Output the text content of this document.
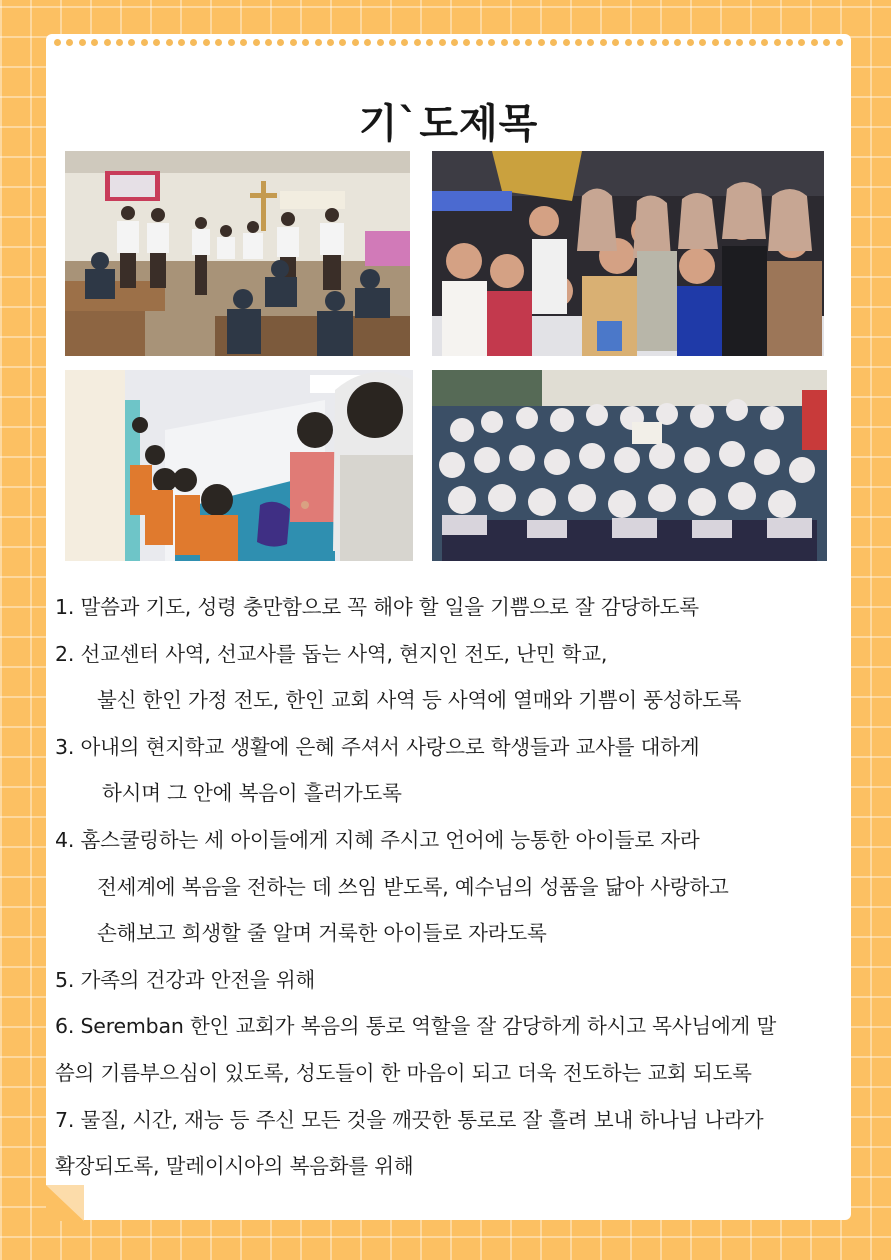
기`도제목
1. 말씀과 기도, 성령 충만함으로 꼭 해야 할 일을 기쁨으로 잘 감당하도록
2. 선교센터 사역, 선교사를 돕는 사역, 현지인 전도, 난민 학교,
불신 한인 가정 전도, 한인 교회 사역 등 사역에 열매와 기쁨이 풍성하도록
3. 아내의 현지학교 생활에 은혜 주셔서 사랑으로 학생들과 교사를 대하게
하시며 그 안에 복음이 흘러가도록
4. 홈스쿨링하는 세 아이들에게 지혜 주시고 언어에 능통한 아이들로 자라
전세계에 복음을 전하는 데 쓰임 받도록, 예수님의 성품을 닮아 사랑하고
손해보고 희생할 줄 알며 거룩한 아이들로 자라도록
5. 가족의 건강과 안전을 위해
6. Seremban 한인 교회가 복음의 통로 역할을 잘 감당하게 하시고 목사님에게 말
씀의 기름부으심이 있도록, 성도들이 한 마음이 되고 더욱 전도하는 교회 되도록
7. 물질, 시간, 재능 등 주신 모든 것을 깨끗한 통로로 잘 흘려 보내 하나님 나라가
확장되도록, 말레이시아의 복음화를 위해
